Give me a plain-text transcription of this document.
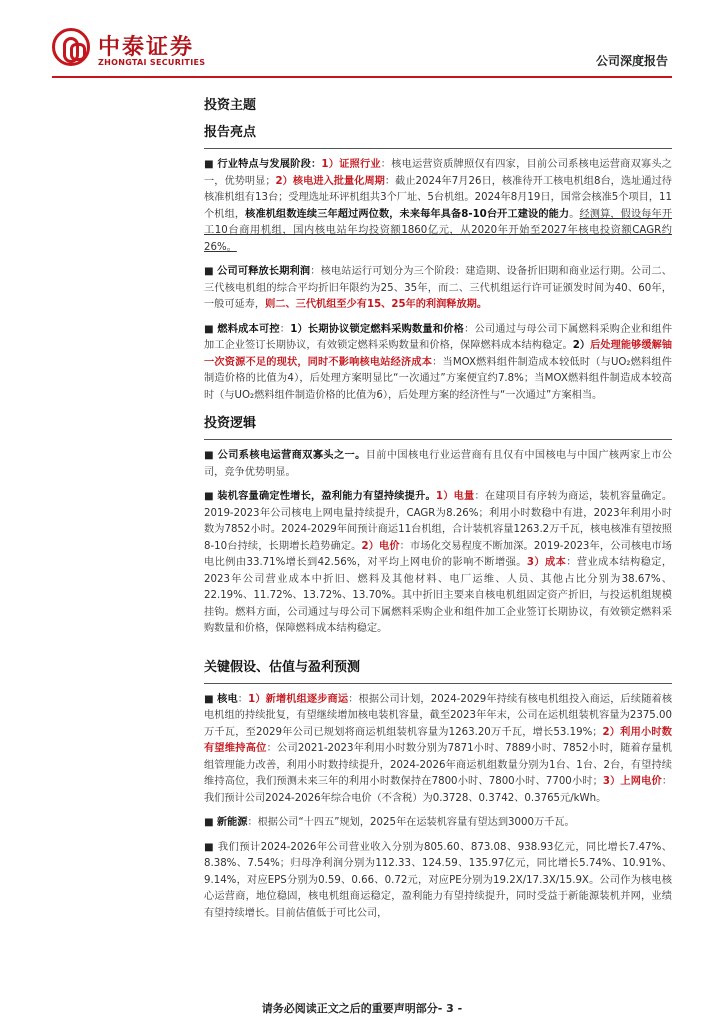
中泰证券
ZHONGTAI SECURITIES	公司深度报告
投资主题
报告亮点

■ 行业特点与发展阶段：1）证照行业：核电运营资质牌照仅有四家，目前公司系核电运营商双寡头之一，优势明显；2）核电进入批量化周期：截止2024年7月26日，核准待开工核电机组8台，选址通过待核准机组有13台；受理选址环评机组共3个厂址、5台机组。2024年8月19日，国常会核准5个项目，11个机组，核准机组数连续三年超过两位数，未来每年具备8-10台开工建设的能力。经测算，假设每年开工10台商用机组，国内核电站年均投资额1860亿元，从2020年开始至2027年核电投资额CAGR约26%。

■ 公司可释放长期利润：核电站运行可划分为三个阶段：建造期、设备折旧期和商业运行期。公司二、三代核电机组的综合平均折旧年限约为25、35年，而二、三代机组运行许可证颁发时间为40、60年，一般可延寿，则二、三代机组至少有15、25年的利润释放期。

■ 燃料成本可控：1）长期协议锁定燃料采购数量和价格：公司通过与母公司下属燃料采购企业和组件加工企业签订长期协议，有效锁定燃料采购数量和价格，保障燃料成本结构稳定。2）后处理能够缓解铀一次资源不足的现状，同时不影响核电站经济成本：当MOX燃料组件制造成本较低时（与UO₂燃料组件制造价格的比值为4），后处理方案明显比“一次通过”方案便宜约7.8%；当MOX燃料组件制造成本较高时（与UO₂燃料组件制造价格的比值为6），后处理方案的经济性与“一次通过”方案相当。

投资逻辑

■ 公司系核电运营商双寡头之一。目前中国核电行业运营商有且仅有中国核电与中国广核两家上市公司，竞争优势明显。

■ 装机容量确定性增长，盈利能力有望持续提升。1）电量：在建项目有序转为商运，装机容量确定。2019-2023年公司核电上网电量持续提升，CAGR为8.26%；利用小时数稳中有进，2023年利用小时数为7852小时。2024-2029年间预计商运11台机组，合计装机容量1263.2万千瓦，核电核准有望按照8-10台持续，长期增长趋势确定。2）电价：市场化交易程度不断加深。2019-2023年，公司核电市场电比例由33.71%增长到42.56%，对平均上网电价的影响不断增强。3）成本：营业成本结构稳定，2023年公司营业成本中折旧、燃料及其他材料、电厂运维、人员、其他占比分别为38.67%、22.19%、11.72%、13.72%、13.70%。其中折旧主要来自核电机组固定资产折旧，与投运机组规模挂钩。燃料方面，公司通过与母公司下属燃料采购企业和组件加工企业签订长期协议，有效锁定燃料采购数量和价格，保障燃料成本结构稳定。

关键假设、估值与盈利预测

■ 核电：1）新增机组逐步商运：根据公司计划，2024-2029年持续有核电机组投入商运，后续随着核电机组的持续批复，有望继续增加核电装机容量，截至2023年年末，公司在运机组装机容量为2375.00万千瓦，至2029年公司已规划将商运机组装机容量为1263.20万千瓦，增长53.19%；2）利用小时数有望维持高位：公司2021-2023年利用小时数分别为7871小时、7889小时、7852小时，随着存量机组管理能力改善，利用小时数持续提升，2024-2026年商运机组数量分别为1台、1台、2台，有望持续维持高位，我们预测未来三年的利用小时数保持在7800小时、7800小时、7700小时；3）上网电价：我们预计公司2024-2026年综合电价（不含税）为0.3728、0.3742、0.3765元/kWh。

■ 新能源：根据公司“十四五”规划，2025年在运装机容量有望达到3000万千瓦。

■ 我们预计2024-2026年公司营业收入分别为805.60、873.08、938.93亿元，同比增长7.47%、8.38%、7.54%；归母净利润分别为112.33、124.59、135.97亿元，同比增长5.74%、10.91%、9.14%，对应EPS分别为0.59、0.66、0.72元，对应PE分别为19.2X/17.3X/15.9X。公司作为核电核心运营商，地位稳固，核电机组商运稳定，盈利能力有望持续提升，同时受益于新能源装机并网，业绩有望持续增长。目前估值低于可比公司，

请务必阅读正文之后的重要声明部分- 3 -
